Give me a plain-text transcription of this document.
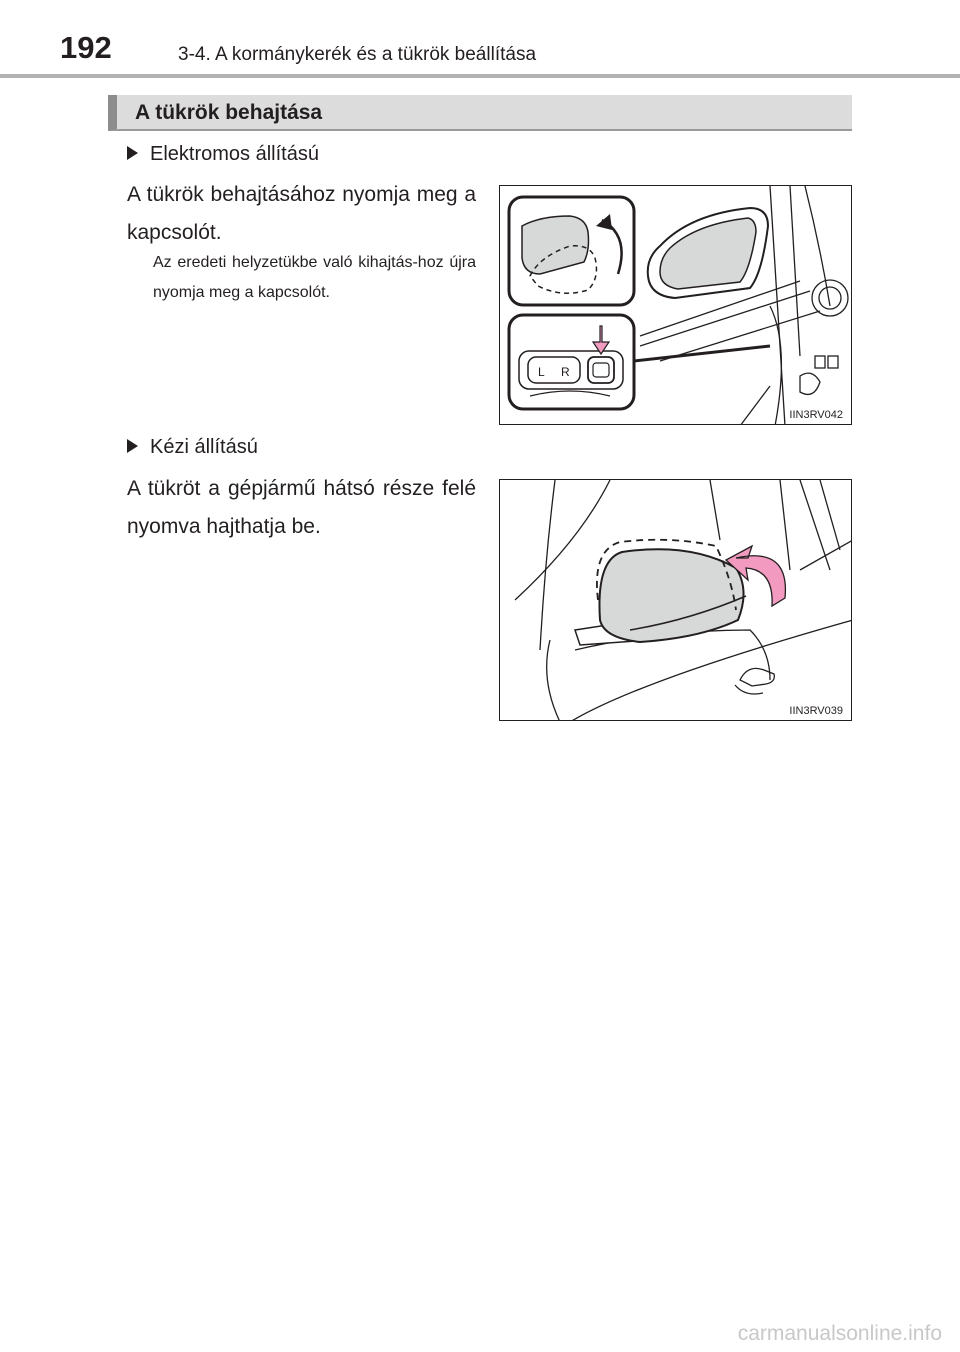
192	3-4. A kormánykerék és a tükrök beállítása
A tükrök behajtása
Elektromos állítású
A tükrök behajtásához nyomja meg a kapcsolót.
Az eredeti helyzetükbe való kihajtás-hoz újra nyomja meg a kapcsolót.
L R
IIN3RV042
Kézi állítású
A tükröt a gépjármű hátsó része felé nyomva hajthatja be.
IIN3RV039
carmanualsonline.info
